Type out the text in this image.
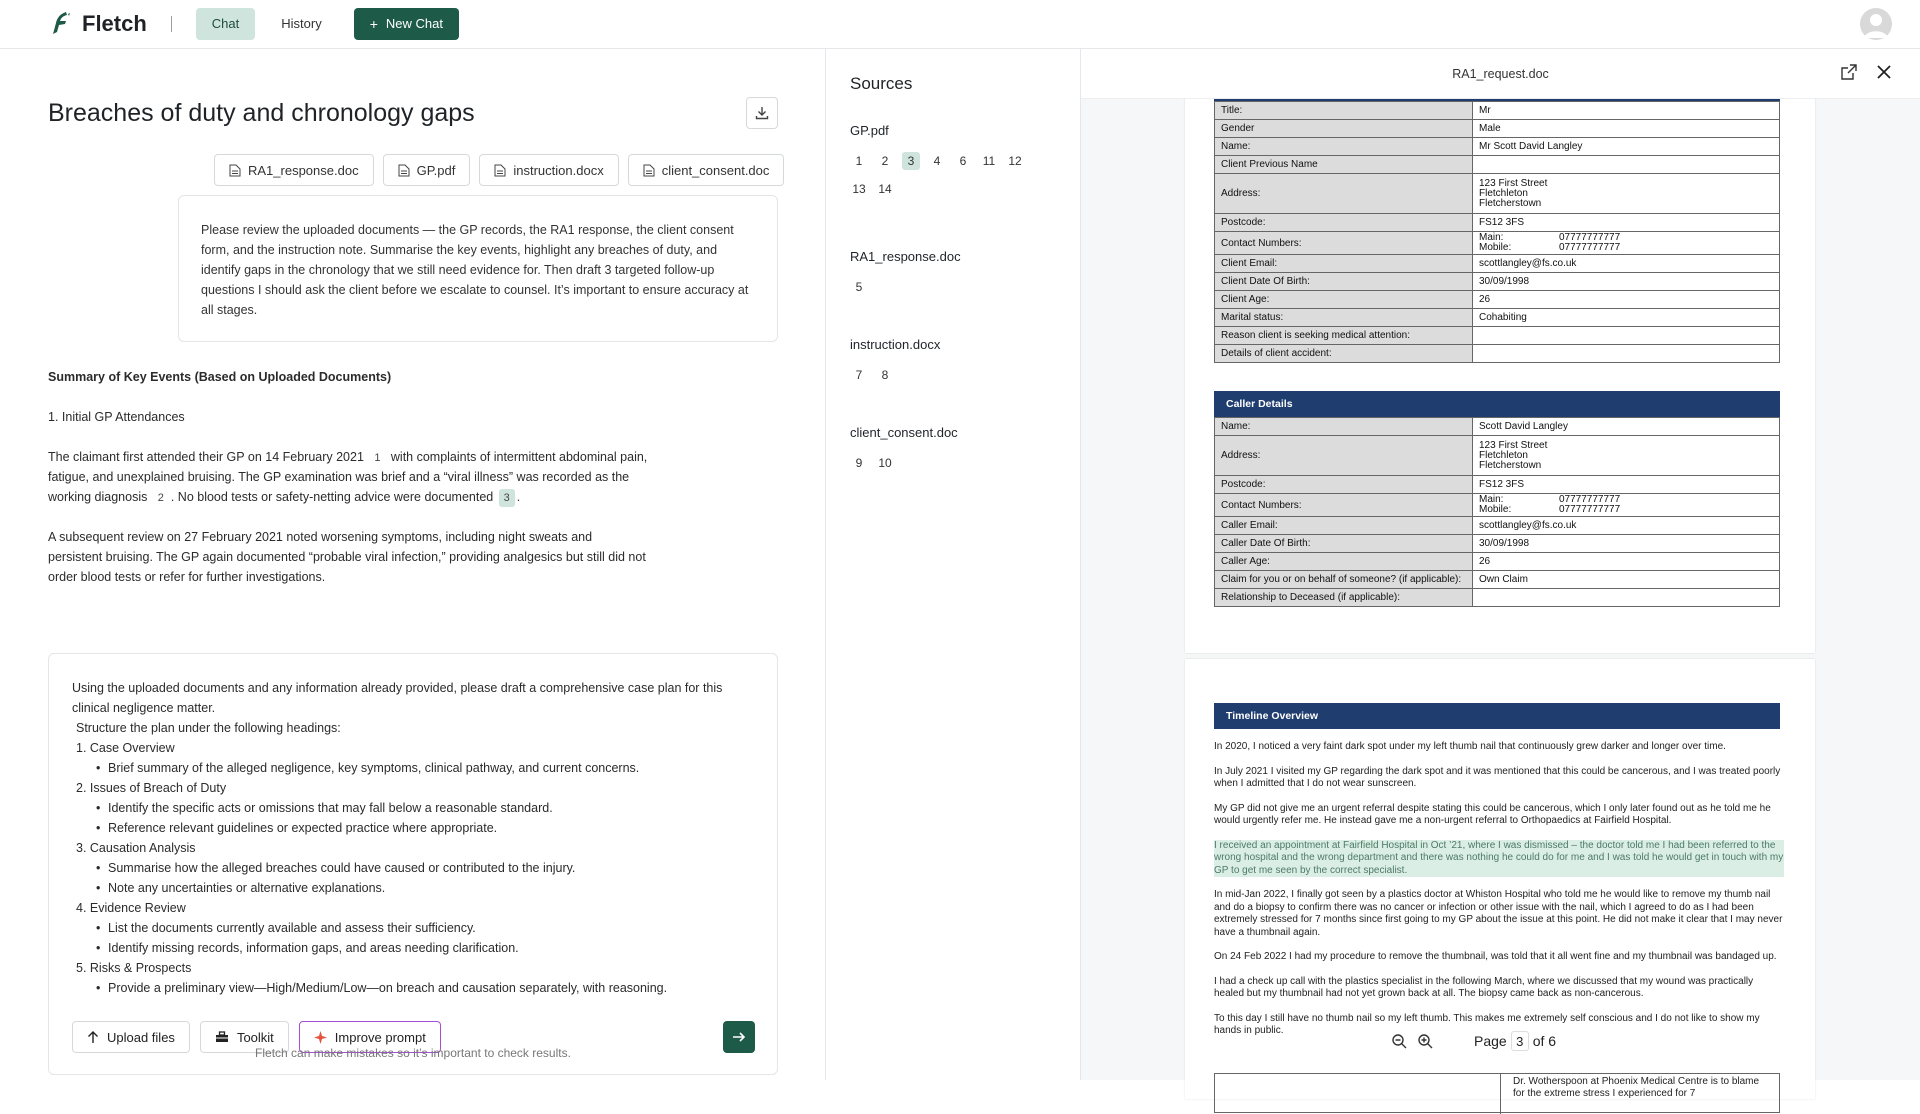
Fletch	Chat	History	+ New Chat
Breaches of duty and chronology gaps
RA1_response.doc	GP.pdf	instruction.docx	client_consent.doc
Please review the uploaded documents — the GP records, the RA1 response, the client consent form, and the instruction note. Summarise the key events, highlight any breaches of duty, and identify gaps in the chronology that we still need evidence for. Then draft 3 targeted follow-up questions I should ask the client before we escalate to counsel. It’s important to ensure accuracy at all stages.
Summary of Key Events (Based on Uploaded Documents)

1. Initial GP Attendances

The claimant first attended their GP on 14 February 2021 1 with complaints of intermittent abdominal pain, fatigue, and unexplained bruising. The GP examination was brief and a “viral illness” was recorded as the working diagnosis 2 . No blood tests or safety-netting advice were documented 3 .

A subsequent review on 27 February 2021 noted worsening symptoms, including night sweats and persistent bruising. The GP again documented “probable viral infection,” providing analgesics but still did not order blood tests or refer for further investigations.

Using the uploaded documents and any information already provided, please draft a comprehensive case plan for this clinical negligence matter.
Structure the plan under the following headings:
1. Case Overview
• Brief summary of the alleged negligence, key symptoms, clinical pathway, and current concerns.
2. Issues of Breach of Duty
• Identify the specific acts or omissions that may fall below a reasonable standard.
• Reference relevant guidelines or expected practice where appropriate.
3. Causation Analysis
• Summarise how the alleged breaches could have caused or contributed to the injury.
• Note any uncertainties or alternative explanations.
4. Evidence Review
• List the documents currently available and assess their sufficiency.
• Identify missing records, information gaps, and areas needing clarification.
5. Risks & Prospects
• Provide a preliminary view—High/Medium/Low—on breach and causation separately, with reasoning.
Upload files	Toolkit	Improve prompt
Fletch can make mistakes so it’s important to check results.
Sources
GP.pdf
1	2	3	4	6	11 12
13 14
RA1_response.doc
5
instruction.docx
7	8
client_consent.doc
9	10
Title:	Mr
Gender	Male
Name:	Mr Scott David Langley
Client Previous Name	
Address:	123 First Street
Fletchleton
Fletcherstown
Postcode:	FS12 3FS
Contact Numbers:	Main: 07777777777
Mobile: 07777777777

Client Email:	scottlangley@fs.co.uk
Client Date Of Birth:	30/09/1998
Client Age:	26
Marital status:	Cohabiting
Reason client is seeking medical attention:	
Details of client accident:	
Caller Details
Name:	Scott David Langley
Address:	123 First Street
Fletchleton
Fletcherstown
Postcode:	FS12 3FS
Contact Numbers:	Main: 07777777777
Mobile: 07777777777

Caller Email:	scottlangley@fs.co.uk
Caller Date Of Birth:	30/09/1998
Caller Age:	26
Claim for you or on behalf of someone? (if applicable):	Own Claim
Relationship to Deceased (if applicable):	
Timeline Overview

In 2020, I noticed a very faint dark spot under my left thumb nail that continuously grew darker and longer over time.

In July 2021 I visited my GP regarding the dark spot and it was mentioned that this could be cancerous, and I was treated poorly when I admitted that I do not wear sunscreen.

My GP did not give me an urgent referral despite stating this could be cancerous, which I only later found out as he told me he would urgently refer me. He instead gave me a non-urgent referral to Orthopaedics at Fairfield Hospital.

I received an appointment at Fairfield Hospital in Oct ’21, where I was dismissed – the doctor told me I had been referred to the wrong hospital and the wrong department and there was nothing he could do for me and I was told he would get in touch with my GP to get me seen by the correct specialist.

In mid-Jan 2022, I finally got seen by a plastics doctor at Whiston Hospital who told me he would like to remove my thumb nail and do a biopsy to confirm there was no cancer or infection or other issue with the nail, which I agreed to do as I had been extremely stressed for 7 months since first going to my GP about the issue at this point. He did not make it clear that I may never have a thumbnail again.

On 24 Feb 2022 I had my procedure to remove the thumbnail, was told that it all went fine and my thumbnail was bandaged up.

I had a check up call with the plastics specialist in the following March, where we discussed that my wound was practically healed but my thumbnail had not yet grown back at all. The biopsy came back as non-cancerous.

To this day I still have no thumb nail so my left thumb. This makes me extremely self conscious and I do not like to show my hands in public.

Dr. Wotherspoon at Phoenix Medical Centre is to blame for the extreme stress I experienced for 7
RA1_request.doc
Page 3 of 6
